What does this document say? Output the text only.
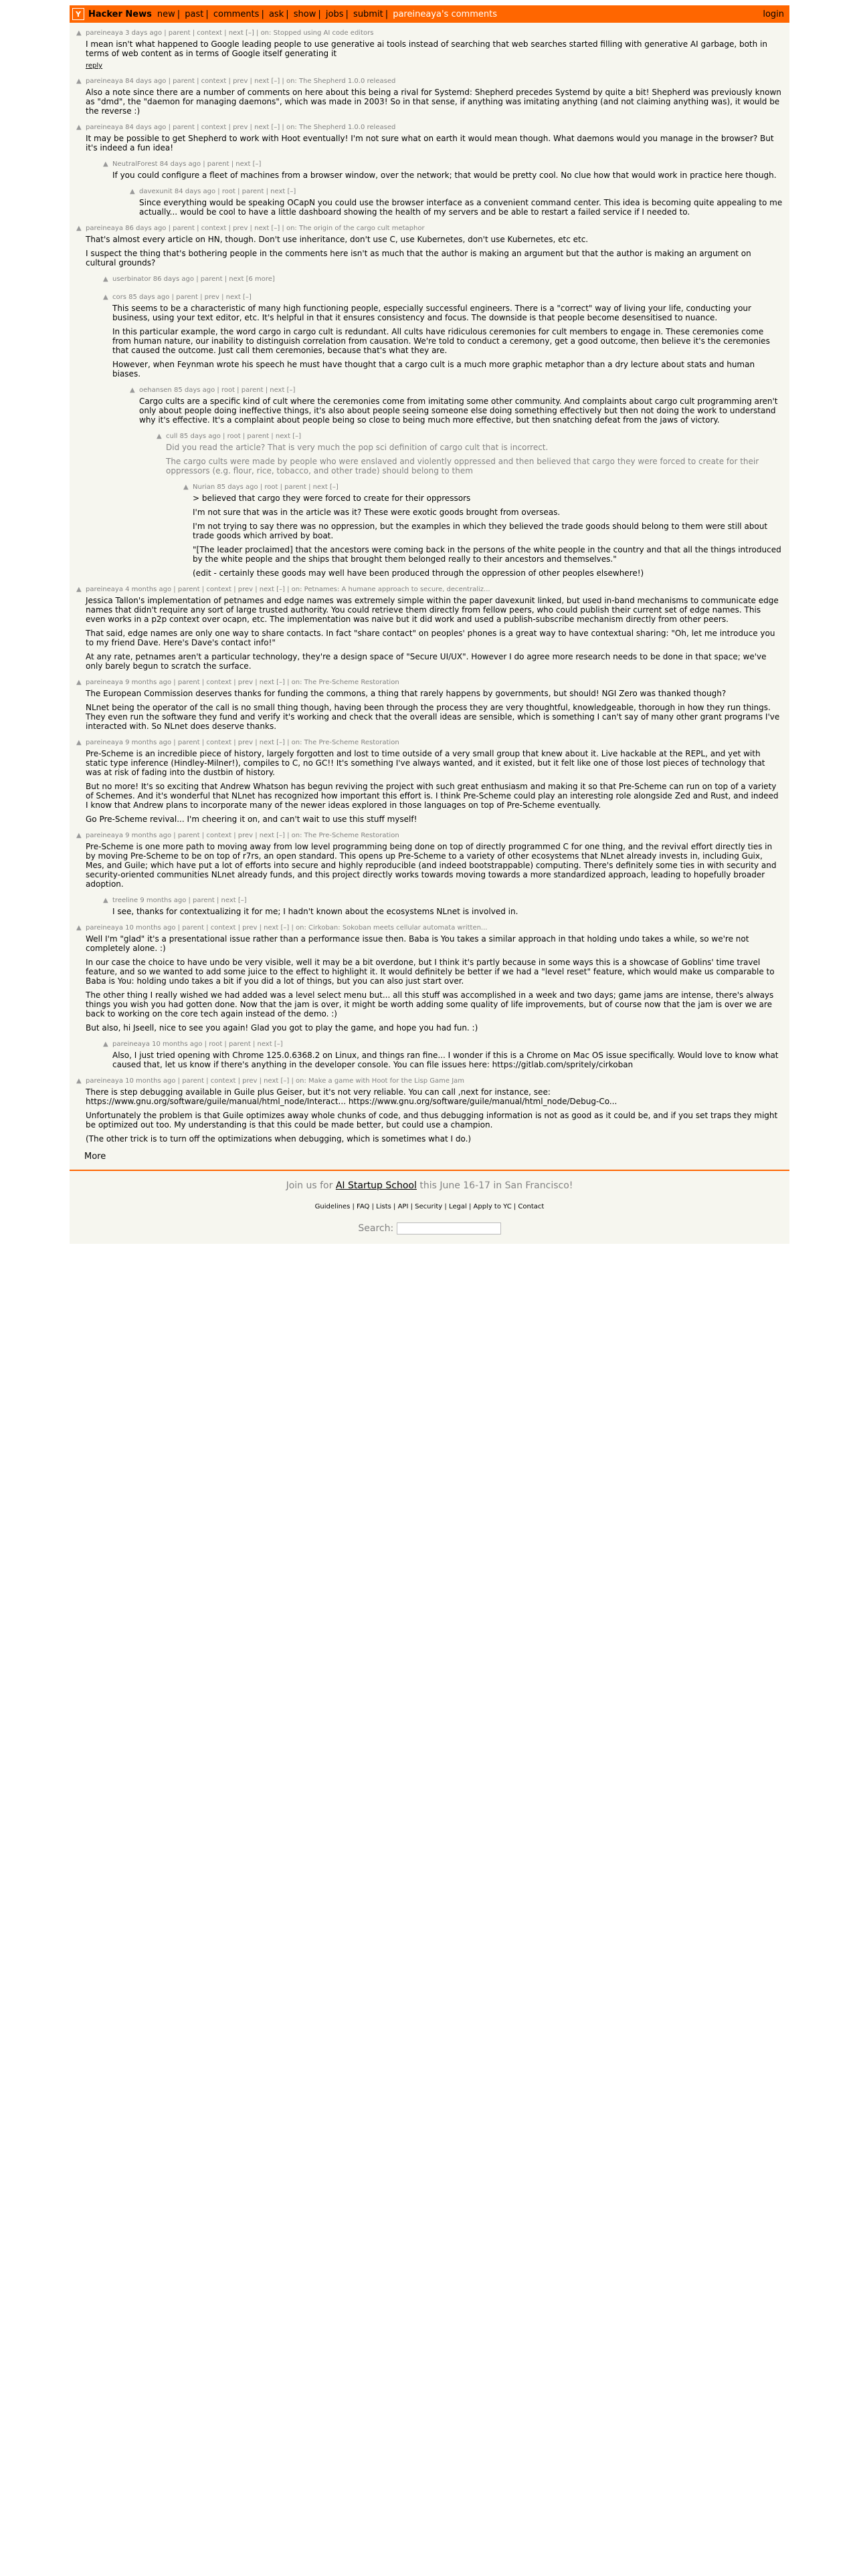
Y Hacker News new | past | comments | ask | show | jobs | submit | pareineaya's comments	login
▲ pareineaya 3 days ago | parent | context | next [–] | on: Stopped using AI code editors

I mean isn't what happened to Google leading people to use generative ai tools instead of searching that web searches started filling with generative AI garbage, both in terms of web content as in terms of Google itself generating it

reply
▲ pareineaya 84 days ago | parent | context | prev | next [–] | on: The Shepherd 1.0.0 released

Also a note since there are a number of comments on here about this being a rival for Systemd: Shepherd precedes Systemd by quite a bit! Shepherd was previously known as "dmd", the "daemon for managing daemons", which was made in 2003! So in that sense, if anything was imitating anything (and not claiming anything was), it would be the reverse :)

▲ pareineaya 84 days ago | parent | context | prev | next [–] | on: The Shepherd 1.0.0 released

It may be possible to get Shepherd to work with Hoot eventually! I'm not sure what on earth it would mean though. What daemons would you manage in the browser? But it's indeed a fun idea!

▲ NeutralForest 84 days ago | parent | next [–]

If you could configure a fleet of machines from a browser window, over the network; that would be pretty cool. No clue how that would work in practice here though.

▲ davexunit 84 days ago | root | parent | next [–]

Since everything would be speaking OCapN you could use the browser interface as a convenient command center. This idea is becoming quite appealing to me actually... would be cool to have a little dashboard showing the health of my servers and be able to restart a failed service if I needed to.

▲ pareineaya 86 days ago | parent | context | prev | next [–] | on: The origin of the cargo cult metaphor

That's almost every article on HN, though. Don't use inheritance, don't use C, use Kubernetes, don't use Kubernetes, etc etc.

I suspect the thing that's bothering people in the comments here isn't as much that the author is making an argument but that the author is making an argument on cultural grounds?

▲ userbinator 86 days ago | parent | next [6 more]
▲ cors 85 days ago | parent | prev | next [–]

This seems to be a characteristic of many high functioning people, especially successful engineers. There is a "correct" way of living your life, conducting your business, using your text editor, etc. It's helpful in that it ensures consistency and focus. The downside is that people become desensitised to nuance.

In this particular example, the word cargo in cargo cult is redundant. All cults have ridiculous ceremonies for cult members to engage in. These ceremonies come from human nature, our inability to distinguish correlation from causation. We're told to conduct a ceremony, get a good outcome, then believe it's the ceremonies that caused the outcome. Just call them ceremonies, because that's what they are.

However, when Feynman wrote his speech he must have thought that a cargo cult is a much more graphic metaphor than a dry lecture about stats and human biases.

▲ oehansen 85 days ago | root | parent | next [–]

Cargo cults are a specific kind of cult where the ceremonies come from imitating some other community. And complaints about cargo cult programming aren't only about people doing ineffective things, it's also about people seeing someone else doing something effectively but then not doing the work to understand why it's effective. It's a complaint about people being so close to being much more effective, but then snatching defeat from the jaws of victory.

▲ cull 85 days ago | root | parent | next [–]

Did you read the article? That is very much the pop sci definition of cargo cult that is incorrect.

The cargo cults were made by people who were enslaved and violently oppressed and then believed that cargo they were forced to create for their oppressors (e.g. flour, rice, tobacco, and other trade) should belong to them

▲ Nurian 85 days ago | root | parent | next [–]

> believed that cargo they were forced to create for their oppressors

I'm not sure that was in the article was it? These were exotic goods brought from overseas.

I'm not trying to say there was no oppression, but the examples in which they believed the trade goods should belong to them were still about trade goods which arrived by boat.

"[The leader proclaimed] that the ancestors were coming back in the persons of the white people in the country and that all the things introduced by the white people and the ships that brought them belonged really to their ancestors and themselves."

(edit - certainly these goods may well have been produced through the oppression of other peoples elsewhere!)

▲ pareineaya 4 months ago | parent | context | prev | next [–] | on: Petnames: A humane approach to secure, decentraliz...

Jessica Tallon's implementation of petnames and edge names was extremely simple within the paper davexunit linked, but used in-band mechanisms to communicate edge names that didn't require any sort of large trusted authority. You could retrieve them directly from fellow peers, who could publish their current set of edge names. This even works in a p2p context over ocapn, etc. The implementation was naive but it did work and used a publish-subscribe mechanism directly from other peers.

That said, edge names are only one way to share contacts. In fact "share contact" on peoples' phones is a great way to have contextual sharing: "Oh, let me introduce you to my friend Dave. Here's Dave's contact info!"

At any rate, petnames aren't a particular technology, they're a design space of "Secure UI/UX". However I do agree more research needs to be done in that space; we've only barely begun to scratch the surface.

▲ pareineaya 9 months ago | parent | context | prev | next [–] | on: The Pre-Scheme Restoration

The European Commission deserves thanks for funding the commons, a thing that rarely happens by governments, but should! NGI Zero was thanked though?

NLnet being the operator of the call is no small thing though, having been through the process they are very thoughtful, knowledgeable, thorough in how they run things. They even run the software they fund and verify it's working and check that the overall ideas are sensible, which is something I can't say of many other grant programs I've interacted with. So NLnet does deserve thanks.

▲ pareineaya 9 months ago | parent | context | prev | next [–] | on: The Pre-Scheme Restoration

Pre-Scheme is an incredible piece of history, largely forgotten and lost to time outside of a very small group that knew about it. Live hackable at the REPL, and yet with static type inference (Hindley-Milner!), compiles to C, no GC!! It's something I've always wanted, and it existed, but it felt like one of those lost pieces of technology that was at risk of fading into the dustbin of history.

But no more! It's so exciting that Andrew Whatson has begun reviving the project with such great enthusiasm and making it so that Pre-Scheme can run on top of a variety of Schemes. And it's wonderful that NLnet has recognized how important this effort is. I think Pre-Scheme could play an interesting role alongside Zed and Rust, and indeed I know that Andrew plans to incorporate many of the newer ideas explored in those languages on top of Pre-Scheme eventually.

Go Pre-Scheme revival... I'm cheering it on, and can't wait to use this stuff myself!

▲ pareineaya 9 months ago | parent | context | prev | next [–] | on: The Pre-Scheme Restoration

Pre-Scheme is one more path to moving away from low level programming being done on top of directly programmed C for one thing, and the revival effort directly ties in by moving Pre-Scheme to be on top of r7rs, an open standard. This opens up Pre-Scheme to a variety of other ecosystems that NLnet already invests in, including Guix, Mes, and Guile; which have put a lot of efforts into secure and highly reproducible (and indeed bootstrappable) computing. There's definitely some ties in with security and security-oriented communities NLnet already funds, and this project directly works towards moving towards a more standardized approach, leading to hopefully broader adoption.

▲ treeline 9 months ago | parent | next [–]

I see, thanks for contextualizing it for me; I hadn't known about the ecosystems NLnet is involved in.

▲ pareineaya 10 months ago | parent | context | prev | next [–] | on: Cirkoban: Sokoban meets cellular automata written...

Well I'm "glad" it's a presentational issue rather than a performance issue then. Baba is You takes a similar approach in that holding undo takes a while, so we're not completely alone. :)

In our case the choice to have undo be very visible, well it may be a bit overdone, but I think it's partly because in some ways this is a showcase of Goblins' time travel feature, and so we wanted to add some juice to the effect to highlight it. It would definitely be better if we had a "level reset" feature, which would make us comparable to Baba is You: holding undo takes a bit if you did a lot of things, but you can also just start over.

The other thing I really wished we had added was a level select menu but... all this stuff was accomplished in a week and two days; game jams are intense, there's always things you wish you had gotten done. Now that the jam is over, it might be worth adding some quality of life improvements, but of course now that the jam is over we are back to working on the core tech again instead of the demo. :)

But also, hi Jseell, nice to see you again! Glad you got to play the game, and hope you had fun. :)

▲ pareineaya 10 months ago | root | parent | next [–]

Also, I just tried opening with Chrome 125.0.6368.2 on Linux, and things ran fine... I wonder if this is a Chrome on Mac OS issue specifically. Would love to know what caused that, let us know if there's anything in the developer console. You can file issues here: https://gitlab.com/spritely/cirkoban

▲ pareineaya 10 months ago | parent | context | prev | next [–] | on: Make a game with Hoot for the Lisp Game Jam

There is step debugging available in Guile plus Geiser, but it's not very reliable. You can call ,next for instance, see: https://www.gnu.org/software/guile/manual/html_node/Interact... https://www.gnu.org/software/guile/manual/html_node/Debug-Co...

Unfortunately the problem is that Guile optimizes away whole chunks of code, and thus debugging information is not as good as it could be, and if you set traps they might be optimized out too. My understanding is that this could be made better, but could use a champion.

(The other trick is to turn off the optimizations when debugging, which is sometimes what I do.)

More
Join us for AI Startup School this June 16-17 in San Francisco!
Guidelines | FAQ | Lists | API | Security | Legal | Apply to YC | Contact
Search:
